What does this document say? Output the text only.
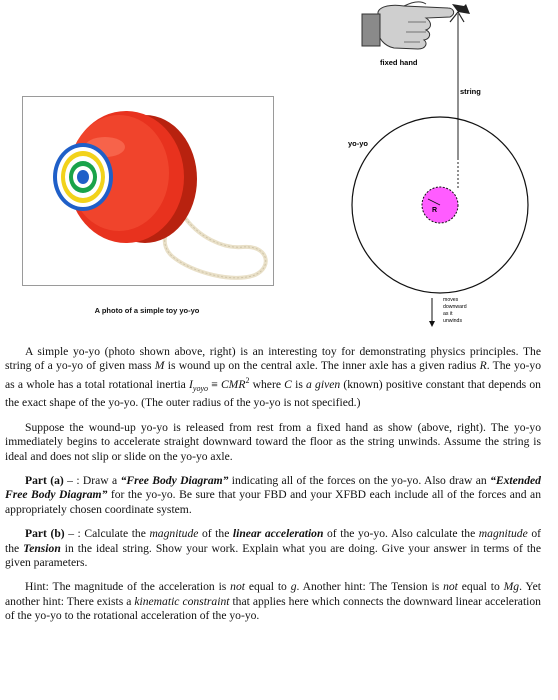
A photo of a simple toy yo-yo
fixed hand
string
yo-yo
R
moves
downward
as it
unwinds

A simple yo-yo (photo shown above, right) is an interesting toy for demonstrating physics principles. The string of a yo-yo of given mass M is wound up on the central axle. The inner axle has a given radius R. The yo-yo as a whole has a total rotational inertia $I_{yoyo} \equiv CMR^2$ where C is a given (known) positive constant that depends on the exact shape of the yo-yo. (The outer radius of the yo-yo is not specified.)

Suppose the wound-up yo-yo is released from rest from a fixed hand as show (above, right). The yo-yo immediately begins to accelerate straight downward toward the floor as the string unwinds. Assume the string is ideal and does not slip or slide on the yo-yo axle.

Part (a) – : Draw a “Free Body Diagram” indicating all of the forces on the yo-yo. Also draw an “Extended Free Body Diagram” for the yo-yo. Be sure that your FBD and your XFBD each include all of the forces and an appropriately chosen coordinate system.

Part (b) – : Calculate the magnitude of the linear acceleration of the yo-yo. Also calculate the magnitude of the Tension in the ideal string. Show your work. Explain what you are doing. Give your answer in terms of the given parameters.

Hint: The magnitude of the acceleration is not equal to g. Another hint: The Tension is not equal to Mg. Yet another hint: There exists a kinematic constraint that applies here which connects the downward linear acceleration of the yo-yo to the rotational acceleration of the yo-yo.
